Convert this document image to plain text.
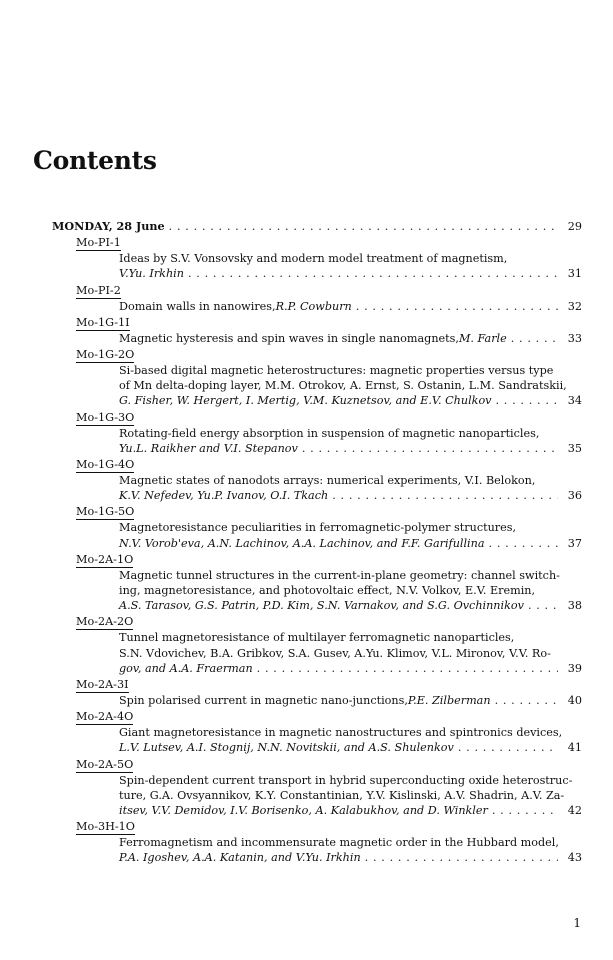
Contents
MONDAY, 28 June . . .	29
Mo-PI-1
Ideas by S.V. Vonsovsky and modern model treatment of magnetism,
V.Yu. Irkhin . . .	31
Mo-PI-2
Domain walls in nanowires, R.P. Cowburn . . .	32
Mo-1G-1I
Magnetic hysteresis and spin waves in single nanomagnets, M. Farle . . .	33
Mo-1G-2O
Si-based digital magnetic heterostructures: magnetic properties versus type
of Mn delta-doping layer, M.M. Otrokov, A. Ernst, S. Ostanin, L.M. Sandratskii,
G. Fisher, W. Hergert, I. Mertig, V.M. Kuznetsov, and E.V. Chulkov . . .	34
Mo-1G-3O
Rotating-field energy absorption in suspension of magnetic nanoparticles,
Yu.L. Raikher and V.I. Stepanov . . .	35
Mo-1G-4O
Magnetic states of nanodots arrays: numerical experiments, V.I. Belokon,
K.V. Nefedev, Yu.P. Ivanov, O.I. Tkach . . .	36
Mo-1G-5O
Magnetoresistance peculiarities in ferromagnetic-polymer structures,
N.V. Vorob'eva, A.N. Lachinov, A.A. Lachinov, and F.F. Garifullina . . .	37
Mo-2A-1O
Magnetic tunnel structures in the current-in-plane geometry: channel switch-
ing, magnetoresistance, and photovoltaic effect, N.V. Volkov, E.V. Eremin,
A.S. Tarasov, G.S. Patrin, P.D. Kim, S.N. Varnakov, and S.G. Ovchinnikov . . .	38
Mo-2A-2O
Tunnel magnetoresistance of multilayer ferromagnetic nanoparticles,
S.N. Vdovichev, B.A. Gribkov, S.A. Gusev, A.Yu. Klimov, V.L. Mironov, V.V. Ro-
gov, and A.A. Fraerman . . .	39
Mo-2A-3I
Spin polarised current in magnetic nano-junctions, P.E. Zilberman . . .	40
Mo-2A-4O
Giant magnetoresistance in magnetic nanostructures and spintronics devices,
L.V. Lutsev, A.I. Stognij, N.N. Novitskii, and A.S. Shulenkov . . .	41
Mo-2A-5O
Spin-dependent current transport in hybrid superconducting oxide heterostruc-
ture, G.A. Ovsyannikov, K.Y. Constantinian, Y.V. Kislinski, A.V. Shadrin, A.V. Za-
itsev, V.V. Demidov, I.V. Borisenko, A. Kalabukhov, and D. Winkler . . .	42
Mo-3H-1O
Ferromagnetism and incommensurate magnetic order in the Hubbard model,
P.A. Igoshev, A.A. Katanin, and V.Yu. Irkhin . . .	43
1
